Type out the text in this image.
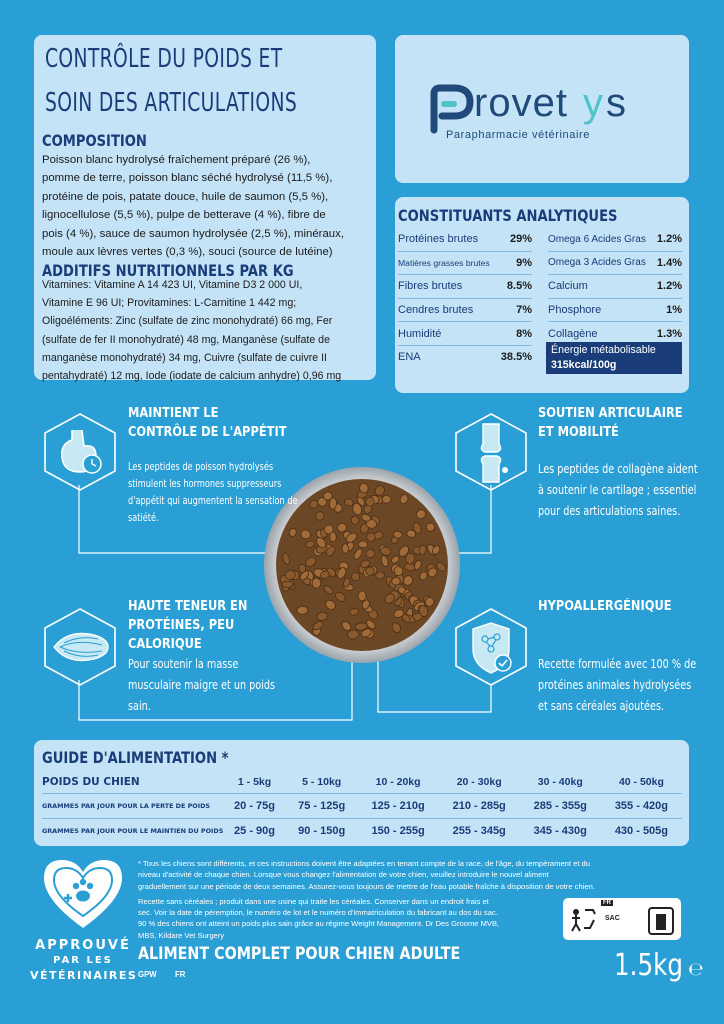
CONTRÔLE DU POIDS ET
SOIN DES ARTICULATIONS
COMPOSITION
Poisson blanc hydrolysé fraîchement préparé (26 %),
pomme de terre, poisson blanc séché hydrolysé (11,5 %),
protéine de pois, patate douce, huile de saumon (5,5 %),
lignocellulose (5,5 %), pulpe de betterave (4 %), fibre de
pois (4 %), sauce de saumon hydrolysée (2,5 %), minéraux,
moule aux lèvres vertes (0,3 %), souci (source de lutéine)
ADDITIFS NUTRITIONNELS PAR KG
Vitamines: Vitamine A 14 423 UI, Vitamine D3 2 000 UI,
Vitamine E 96 UI; Provitamines: L-Carnitine 1 442 mg;
Oligoéléments: Zinc (sulfate de zinc monohydraté) 66 mg, Fer
(sulfate de fer II monohydraté) 48 mg, Manganèse (sulfate de
manganèse monohydraté) 34 mg, Cuivre (sulfate de cuivre II
pentahydraté) 12 mg, Iode (iodate de calcium anhydre) 0,96 mg
rovet y s
Parapharmacie vétérinaire
CONSTITUANTS ANALYTIQUES
Protéines brutes	29%
Matières grasses brutes	9%
Fibres brutes	8.5%
Cendres brutes	7%
Humidité	8%
ENA	38.5%
Omega 6 Acides Gras	1.2%
Omega 3 Acides Gras	1.4%
Calcium	1.2%
Phosphore	1%
Collagène	1.3%
Énergie métabolisable
315kcal/100g
MAINTIENT LE
CONTRÔLE DE L'APPÉTIT
Les peptides de poisson hydrolysés
stimulent les hormones suppresseurs
d'appétit qui augmentent la sensation de
satiété.
SOUTIEN ARTICULAIRE
ET MOBILITÉ
Les peptides de collagène aident
à soutenir le cartilage ; essentiel
pour des articulations saines.
HAUTE TENEUR EN
PROTÉINES, PEU
CALORIQUE
Pour soutenir la masse
musculaire maigre et un poids
sain.
HYPOALLERGÉNIQUE
Recette formulée avec 100 % de
protéines animales hydrolysées
et sans céréales ajoutées.
GUIDE D'ALIMENTATION *
POIDS DU CHIEN	1 - 5kg	5 - 10kg	10 - 20kg	20 - 30kg	30 - 40kg	40 - 50kg
GRAMMES PAR JOUR POUR LA PERTE DE POIDS	20 - 75g	75 - 125g	125 - 210g	210 - 285g	285 - 355g	355 - 420g
GRAMMES PAR JOUR POUR LE MAINTIEN DU POIDS	25 - 90g	90 - 150g	150 - 255g	255 - 345g	345 - 430g	430 - 505g
APPROUVÉ
PAR LES
VÉTÉRINAIRES
* Tous les chiens sont différents, et ces instructions doivent être adaptées en tenant compte de la race, de l'âge, du tempérament et du
niveau d'activité de chaque chien. Lorsque vous changez l'alimentation de votre chien, veuillez introduire le nouvel aliment
graduellement sur une période de deux semaines. Assurez-vous toujours de mettre de l'eau potable fraîche à disposition de votre chien.
Recette sans céréales ; produit dans une usine qui traite les céréales. Conserver dans un endroit frais et
sec. Voir la date de péremption, le numéro de lot et le numéro d'immatriculation du fabricant au dos du sac.
90 % des chiens ont atteint un poids plus sain grâce au régime Weight Management. Dr Des Groome MVB,
MBS, Kildare Vet Surgery
FR
SAC
ALIMENT COMPLET POUR CHIEN ADULTE
GPW FR	1.5kg ℮
